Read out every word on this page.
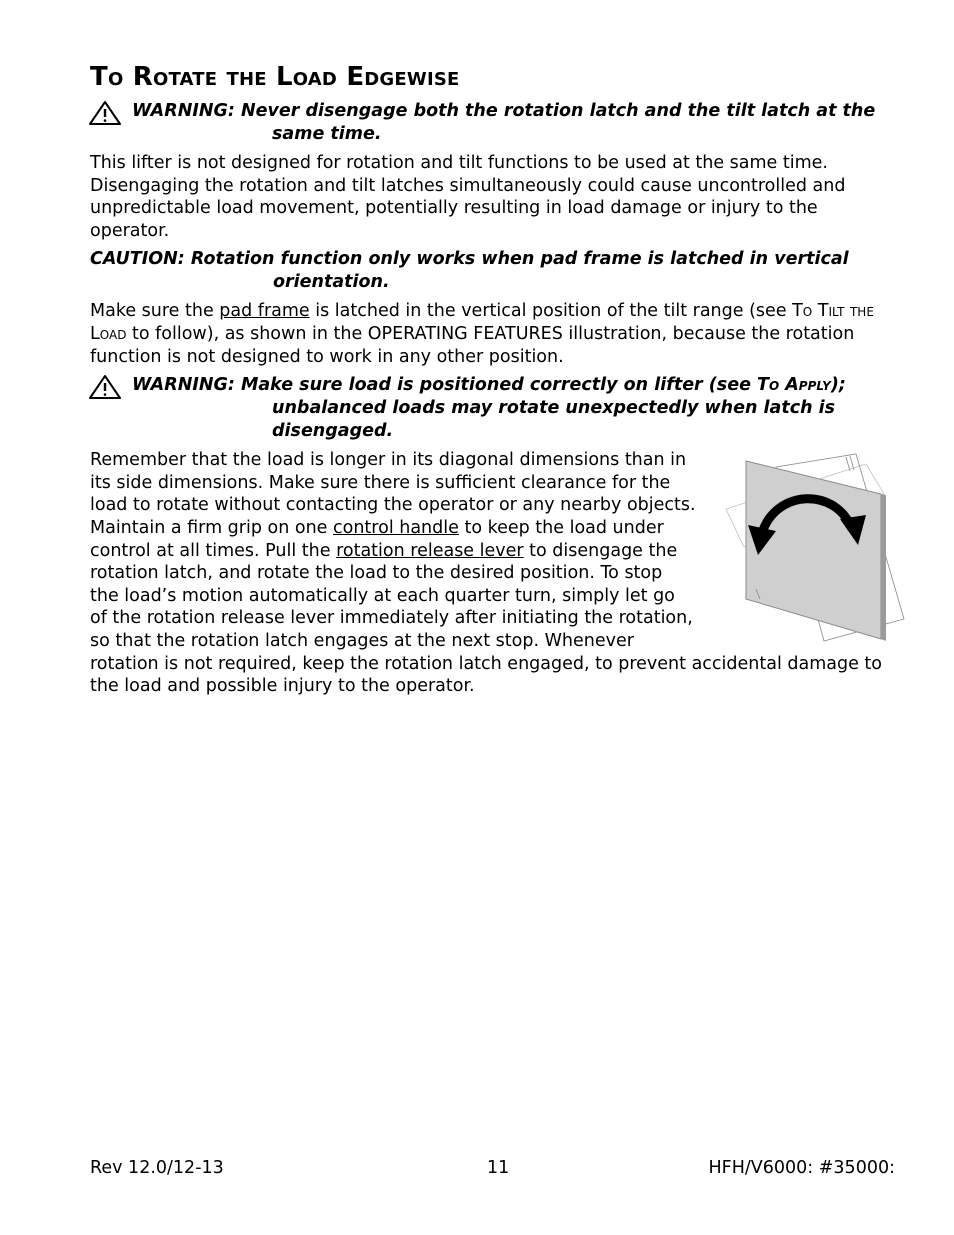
To Rotate the Load Edgewise
WARNING: Never disengage both the rotation latch and the tilt latch at the
same time.

This lifter is not designed for rotation and tilt functions to be used at the same time. Disengaging the rotation and tilt latches simultaneously could cause uncontrolled and unpredictable load movement, potentially resulting in load damage or injury to the operator.

CAUTION: Rotation function only works when pad frame is latched in vertical
orientation.

Make sure the pad frame is latched in the vertical position of the tilt range (see To Tilt the Load to follow), as shown in the OPERATING FEATURES illustration, because the rotation function is not designed to work in any other position.

WARNING: Make sure load is positioned correctly on lifter (see To Apply);
unbalanced loads may rotate unexpectedly when latch is
disengaged.

Remember that the load is longer in its diagonal dimensions than in its side dimensions. Make sure there is sufficient clearance for the load to rotate without contacting the operator or any nearby objects. Maintain a firm grip on one control handle to keep the load under control at all times. Pull the rotation release lever to disengage the rotation latch, and rotate the load to the desired position. To stop the load’s motion automatically at each quarter turn, simply let go of the rotation release lever immediately after initiating the rotation, so that the rotation latch engages at the next stop. Whenever rotation is not required, keep the rotation latch engaged, to prevent accidental damage to the load and possible injury to the operator.

Rev 12.0/12-13	11	HFH/V6000: #35000:
